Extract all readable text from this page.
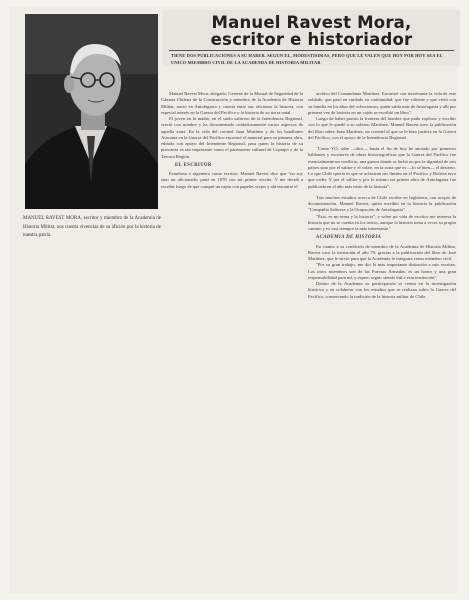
MANUEL RAVEST MORA, escritor y miembro de la Academia de Historia Militar, nos cuenta vivencias de su afición por la historia de nuestra patria.
Manuel Ravest Mora,
escritor e historiador
TIENE DOS PUBLICACIONES A SU HABER. SEGUN EL, MODESTISIMAS, PERO QUE LE VALEN QUE HOY POR HOY SEA EL UNICO MIEMBRO CIVIL DE LA ACADEMIA DE HISTORIA MILITAR

Manuel Ravest Mora, abogado, Gerente de la Mutual de Seguridad de la Cámara Chilena de la Construcción y miembro de la Academia de Historia Militar, nació en Antofagasta y cuenta entre sus aficiones la historia, con especial interés en la Guerra del Pacífico y la historia de su tierra natal.

El joven en la madre, en el suelo salitrero de la Intendencia Regional, creció con nombre y ha documentado cuidadosamente varios aspectos de aquella zona. En la vida del coronel Juan Martínez y de los batallones Atacama en la Guerra del Pacífico encontró el material para su primera obra, editada con apoyo del Intendente Regional, para quien la historia de su provincia es tan importante como el patrimonio cultural de Copiapó y de la Tercera Región.

EL ESCRITOR

Estudioso e ingeniero como escritor, Manuel Ravest dice que "no soy sino un aficionado; partí en 1978 con mi primer escrito. Y me decidí a escribir luego de que compré un cajón con papeles viejos y ahí encontré el

archivo del Comandante Martínez. Encontré con interesante la vida de este soldado, que pasó en cuidado su continuidad; que fue valiente y que vivió con su familia en los años del ochocientos, quién sabía más de Antofagasta y allí por primera vez da historia en un cajón se escribió un libro".

Luego de haber puesto la frontera del hombre que pudo explorar y escribir con lo que le quedó a su sobrino Martínez, Manuel Ravest tuvo la publicación del libro sobre Juan Martínez, un coronel al que se le hizo justicia en la Guerra del Pacífico, con el apoyo de la Intendencia Regional.

"Como YO, sabe —dice— hasta el fin de hoy he anotado por primeros hablantes y escritores de obras historiográficas que la Guerra del Pacífico fue esencialmente un conflicto, una guerra donde se luchó no por la dignidad de tres países sino por el salitre y el cobre, en la zona que es —lo sé bien— el desierto. Lo que Chile quería es que se aclararan sus límites en el Pacífico y Bolivia tuvo que ceder. Y por el salitre y por lo mismo mi primer obra de Antofagasta fue publicada en el año más triste de la historia".

Tras muchos estudios acerca de Chile escribe en Inglaterra, con acopio de documentación, Manuel Ravest, quien escribió en la historia la publicación "Compañía Salitrera y la Ocupación de Antofagasta".

"Ésta, es mi tema y la historia", y sobre mi vida de escritor me interesa la historia que no se cuenta en los textos, aunque la historia toma a veces su propio camino y es casi siempre la más interesante."

ACADEMIA DE HISTORIA

En cuanto a su condición de miembro de la Academia de Historia Militar, Ravest tuvo la invitación el año 79, gracias a la publicación del libro de José Martínez, que le sirvió para que la Academia lo integrara como miembro civil.

"Por su gran trabajo, me dio la más importante distinción a mis escritos. Los otros miembros son de las Fuerzas Armadas; es un honor y una gran responsabilidad para mí, y espero seguir siendo útil a esta institución".

Dentro de la Academia su participación se centra en la investigación histórica y en colaborar con los estudios que se realizan sobre la Guerra del Pacífico, conservando la tradición de la historia militar de Chile.
